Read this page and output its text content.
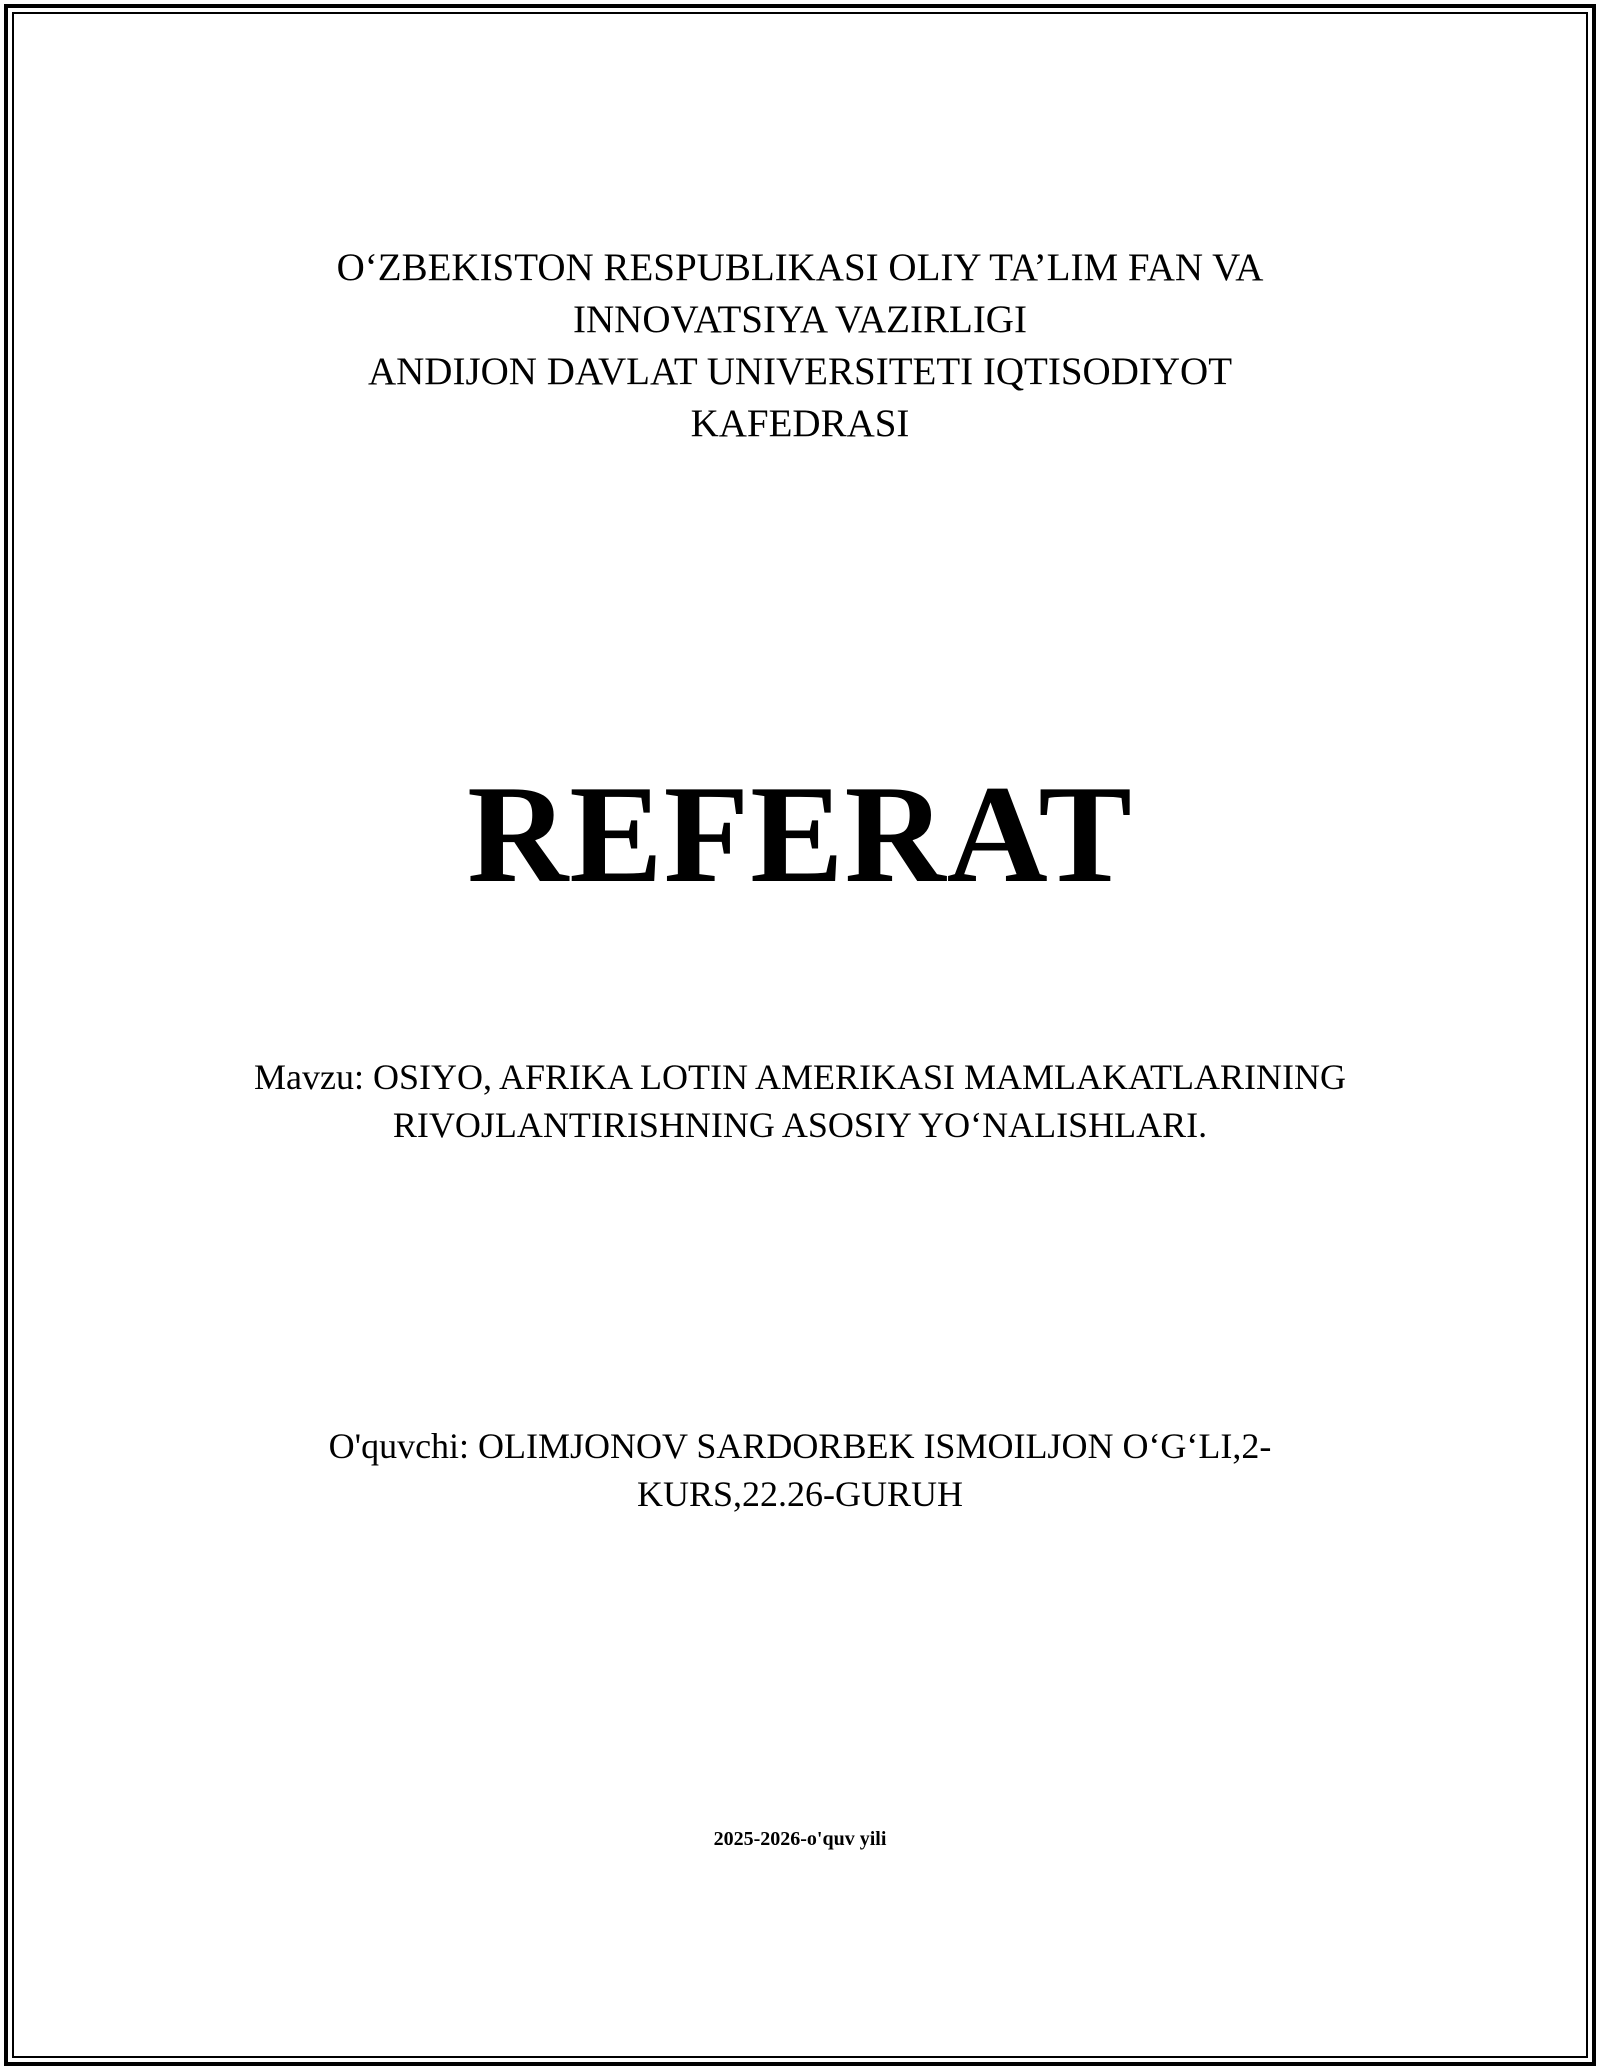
O‘ZBEKISTON RESPUBLIKASI OLIY TA’LIM FAN VA
INNOVATSIYA VAZIRLIGI
ANDIJON DAVLAT UNIVERSITETI IQTISODIYOT
KAFEDRASI
REFERAT
Mavzu: OSIYO, AFRIKA LOTIN AMERIKASI MAMLAKATLARINING
RIVOJLANTIRISHNING ASOSIY YO‘NALISHLARI.
O'quvchi: OLIMJONOV SARDORBEK ISMOILJON O‘G‘LI,2-
KURS,22.26-GURUH
2025-2026-o'quv yili
